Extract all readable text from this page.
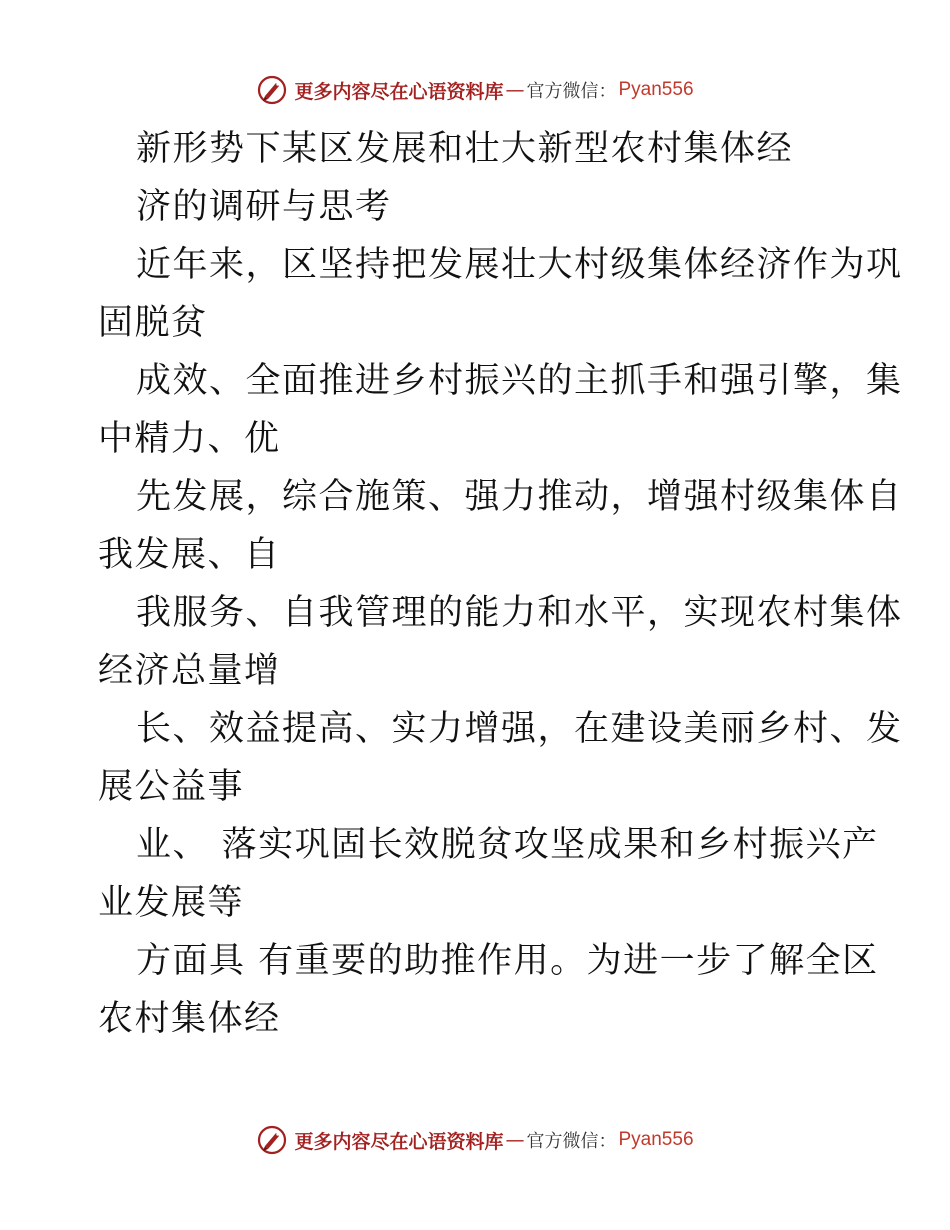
更多内容尽在心语资料库 — 官方微信： Pyan556
新形势下某区发展和壮大新型农村集体经
济的调研与思考
近年来，区坚持把发展壮大村级集体经济作为巩
固脱贫
成效、全面推进乡村振兴的主抓手和强引擎，集
中精力、优
先发展，综合施策、强力推动，增强村级集体自
我发展、自
我服务、自我管理的能力和水平，实现农村集体
经济总量增
长、效益提高、实力增强，在建设美丽乡村、发
展公益事
业、 落实巩固长效脱贫攻坚成果和乡村振兴产
业发展等
方面具 有重要的助推作用。为进一步了解全区
农村集体经
更多内容尽在心语资料库 — 官方微信： Pyan556
